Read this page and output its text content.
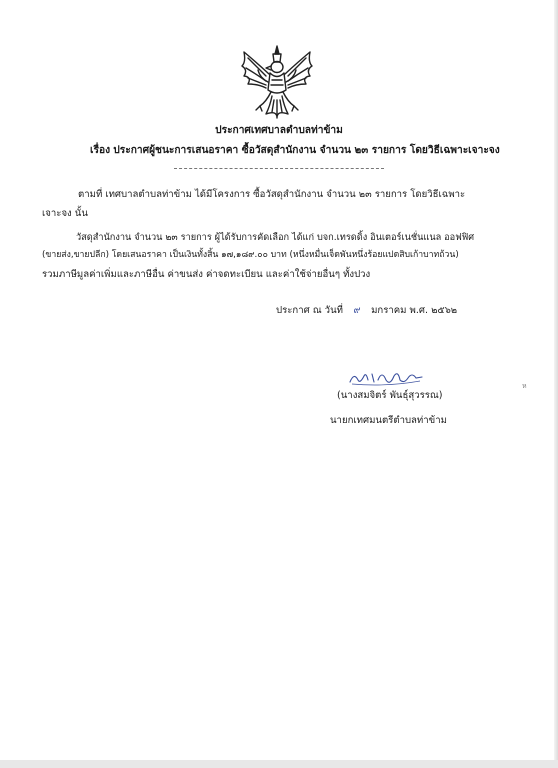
ประกาศเทศบาลตำบลท่าข้าม
เรื่อง ประกาศผู้ชนะการเสนอราคา ซื้อวัสดุสำนักงาน จำนวน ๒๓ รายการ โดยวิธีเฉพาะเจาะจง
ตามที่ เทศบาลตำบลท่าข้าม ได้มีโครงการ ซื้อวัสดุสำนักงาน จำนวน ๒๓ รายการ โดยวิธีเฉพาะ
เจาะจง นั้น
วัสดุสำนักงาน จำนวน ๒๓ รายการ ผู้ได้รับการคัดเลือก ได้แก่ บจก.เทรดดิ้ง อินเตอร์เนชั่นแนล ออฟฟิศ
(ขายส่ง,ขายปลีก) โดยเสนอราคา เป็นเงินทั้งสิ้น ๑๗,๑๘๙.๐๐ บาท (หนึ่งหมื่นเจ็ดพันหนึ่งร้อยแปดสิบเก้าบาทถ้วน)
รวมภาษีมูลค่าเพิ่มและภาษีอื่น ค่าขนส่ง ค่าจดทะเบียน และค่าใช้จ่ายอื่นๆ ทั้งปวง
ประกาศ ณ วันที่ ๙ มกราคม พ.ศ. ๒๕๖๒
ห
(นางสมจิตร์ พันธุ์สุวรรณ)
นายกเทศมนตรีตำบลท่าข้าม
